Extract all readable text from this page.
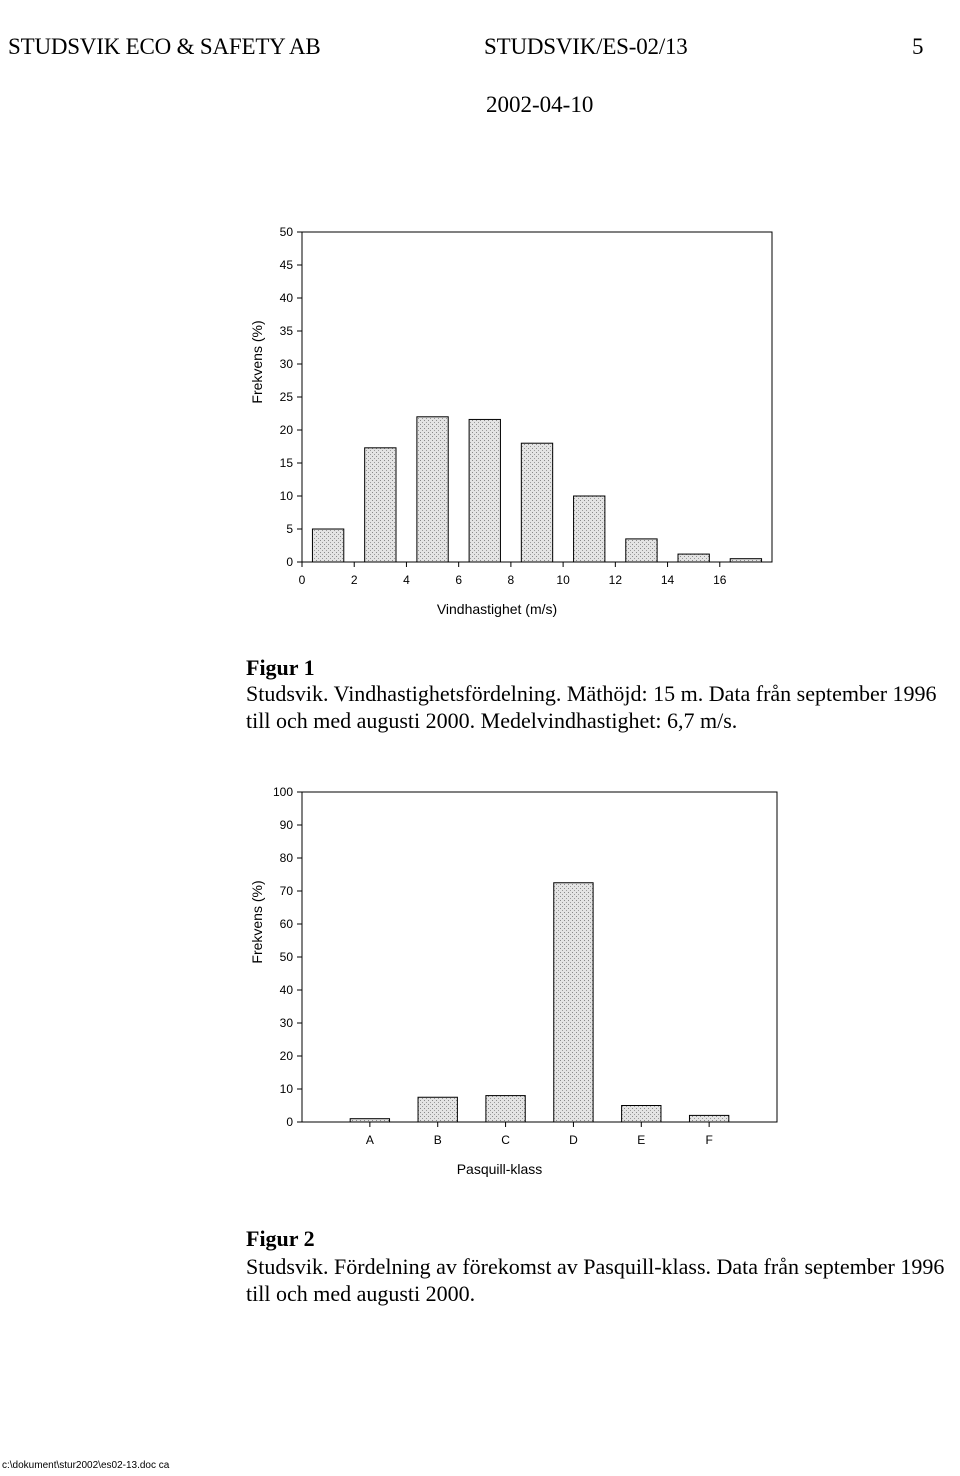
STUDSVIK ECO & SAFETY AB	STUDSVIK/ES-02/13	5
2002-04-10
0
5
10
15
20
25
30
35
40
45
50
0	2	4	6	8	10	12	14	16
Vindhastighet (m/s)
Frekvens (%)
Figur 1
Studsvik. Vindhastighetsfördelning. Mäthöjd: 15 m. Data från september 1996 till och med augusti 2000. Medelvindhastighet: 6,7 m/s.
0
10
20
30
40
50
60
70
80
90
100
A	B	C	D	E	F
Pasquill-klass
Frekvens (%)
Figur 2
Studsvik. Fördelning av förekomst av Pasquill-klass. Data från september 1996 till och med augusti 2000.
c:\dokument\stur2002\es02-13.doc ca
